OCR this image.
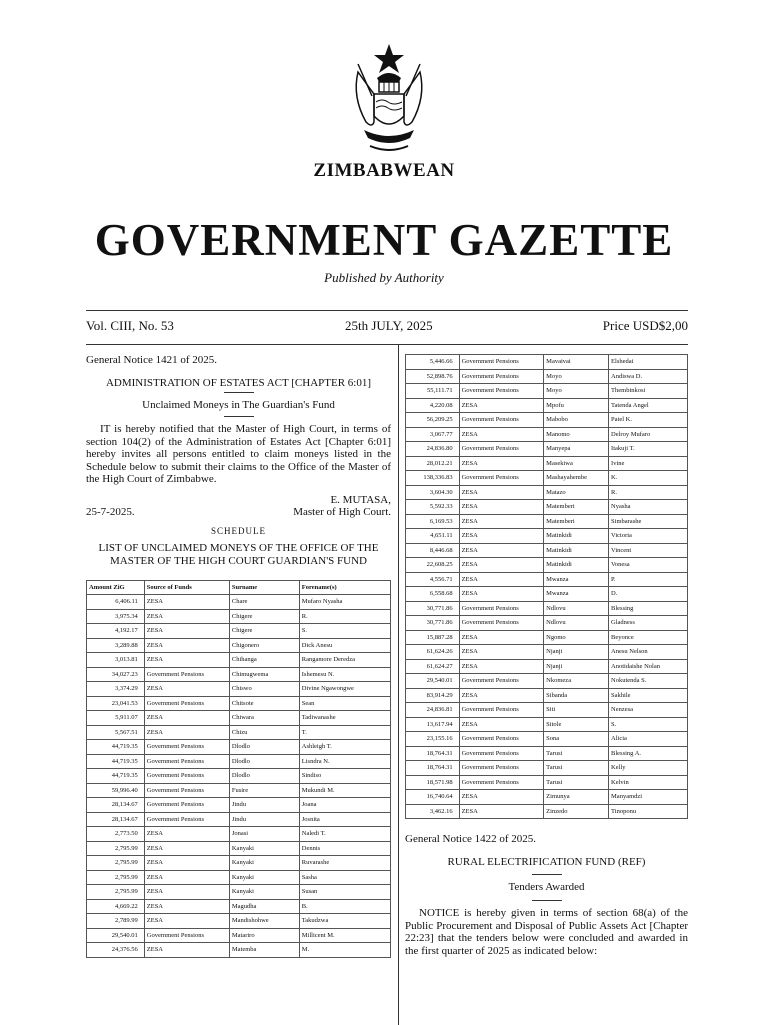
ZIMBABWEAN
GOVERNMENT GAZETTE
Published by Authority
Vol. CIII, No. 53	25th JULY, 2025	Price USD$2,00
General Notice 1421 of 2025.
ADMINISTRATION OF ESTATES ACT [CHAPTER 6:01]
Unclaimed Moneys in The Guardian's Fund
IT is hereby notified that the Master of High Court, in terms of section 104(2) of the Administration of Estates Act [Chapter 6:01] hereby invites all persons entitled to claim moneys listed in the Schedule below to submit their claims to the Office of the Master of the High Court of Zimbabwe.
E. MUTASA,
25-7-2025.	Master of High Court.
SCHEDULE
LIST OF UNCLAIMED MONEYS OF THE OFFICE OF THE MASTER OF THE HIGH COURT GUARDIAN'S FUND
Amount ZiG	Source of Funds	Surname	Forename(s)
6,406.11	ZESA	Chare	Mufaro Nyasha
3,975.34	ZESA	Chigere	R.
4,192.17	ZESA	Chigere	S.
3,289.88	ZESA	Chigonero	Dick Anesu
3,013.81	ZESA	Chihanga	Rangamore Deredza
34,027.23	Government Pensions	Chimugwema	Ishemesu N.
3,374.29	ZESA	Chiswo	Divine Ngawongwe
23,041.53	Government Pensions	Chitsote	Sean
5,911.07	ZESA	Chiwara	Tadiwanashe
5,567.51	ZESA	Chizu	T.
44,719.35	Government Pensions	Dlodlo	Ashleigh T.
44,719.35	Government Pensions	Dlodlo	Lisndra N.
44,719.35	Government Pensions	Dlodlo	Sindiso
59,996.40	Government Pensions	Fusire	Mukundi M.
28,134.67	Government Pensions	Jindu	Joana
28,134.67	Government Pensions	Jindu	Josnita
2,773.50	ZESA	Jonasi	Naledi T.
2,795.99	ZESA	Kanyaki	Dennis
2,795.99	ZESA	Kanyaki	Ruvarashe
2,795.99	ZESA	Kanyaki	Sasha
2,795.99	ZESA	Kanyaki	Susan
4,669.22	ZESA	Magudha	B.
2,789.99	ZESA	Mandishohwe	Takudzwa
29,540.01	Government Pensions	Matariro	Millicent M.
24,376.56	ZESA	Matemba	M.
5,446.66	Government Pensions	Mavaivai	Elshedai
52,898.76	Government Pensions	Moyo	Andiswa D.
55,111.71	Government Pensions	Moyo	Thembinkosi
4,220.08	ZESA	Mpofu	Tatenda Angel
56,209.25	Government Pensions	Mabobo	Patel K.
3,067.77	ZESA	Manomo	Delroy Mufaro
24,836.80	Government Pensions	Manyepa	Itakuji T.
28,012.21	ZESA	Masekiwa	Ivine
138,336.83	Government Pensions	Mashayahembe	K.
3,604.30	ZESA	Matazo	R.
5,592.33	ZESA	Matemberi	Nyasha
6,169.53	ZESA	Matemberi	Simbarashe
4,651.11	ZESA	Matinkidi	Victoria
8,446.68	ZESA	Matinkidi	Vincent
22,608.25	ZESA	Matinkidi	Vonesa
4,556.71	ZESA	Mwanza	P.
6,558.68	ZESA	Mwanza	D.
30,771.86	Government Pensions	Ndlovu	Blessing
30,771.86	Government Pensions	Ndlovu	Gladness
15,887.28	ZESA	Ngomo	Beyonce
61,624.26	ZESA	Njanji	Anesu Nelson
61,624.27	ZESA	Njanji	Anotidaishe Nolan
29,540.01	Government Pensions	Nkomeza	Nokutenda S.
83,914.29	ZESA	Sibanda	Sakhile
24,836.81	Government Pensions	Siti	Nenzesa
13,617.94	ZESA	Sitole	S.
23,155.16	Government Pensions	Sona	Alicia
18,764.31	Government Pensions	Tarusi	Blessing A.
18,764.31	Government Pensions	Tarusi	Kelly
18,571.98	Government Pensions	Tarusi	Kelvin
16,740.64	ZESA	Zimunya	Manyamdzi
3,462.16	ZESA	Zinzedo	Tinoponu
General Notice 1422 of 2025.
RURAL ELECTRIFICATION FUND (REF)
Tenders Awarded
NOTICE is hereby given in terms of section 68(a) of the Public Procurement and Disposal of Public Assets Act [Chapter 22:23] that the tenders below were concluded and awarded in the first quarter of 2025 as indicated below:
